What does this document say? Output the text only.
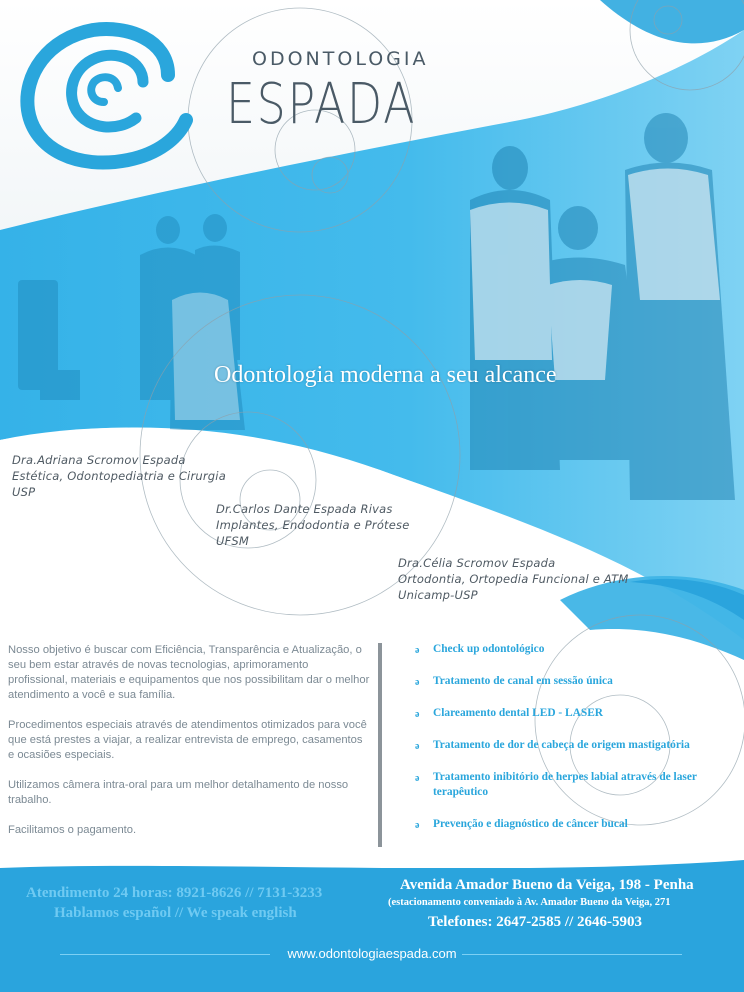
ODONTOLOGIA
ESPADA
Odontologia moderna a seu alcance
Dra.Adriana Scromov Espada
Estética, Odontopediatria e Cirurgia
USP
Dr.Carlos Dante Espada Rivas
Implantes, Endodontia e Prótese
UFSM
Dra.Célia Scromov Espada
Ortodontia, Ortopedia Funcional e ATM
Unicamp-USP

Nosso objetivo é buscar com Eficiência, Transparência e Atualização, o seu bem estar através de novas tecnologias, aprimoramento profissional, materiais e equipamentos que nos possibilitam dar o melhor atendimento a você e sua família.

Procedimentos especiais através de atendimentos otimizados para você que está prestes a viajar, a realizar entrevista de emprego, casamentos e ocasiões especiais.

Utilizamos câmera intra-oral para um melhor detalhamento de nosso trabalho.

Facilitamos o pagamento.

ə	Check up odontológico
ə	Tratamento de canal em sessão única
ə	Clareamento dental LED - LASER
ə	Tratamento de dor de cabeça de origem mastigatória
ə	Tratamento inibitório de herpes labial através de laser terapêutico
ə	Prevenção e diagnóstico de câncer bucal
Atendimento 24 horas: 8921-8626 // 7131-3233
Hablamos español // We speak english
Avenida Amador Bueno da Veiga, 198 - Penha
(estacionamento conveniado à Av. Amador Bueno da Veiga, 271
Telefones: 2647-2585 // 2646-5903
www.odontologiaespada.com
